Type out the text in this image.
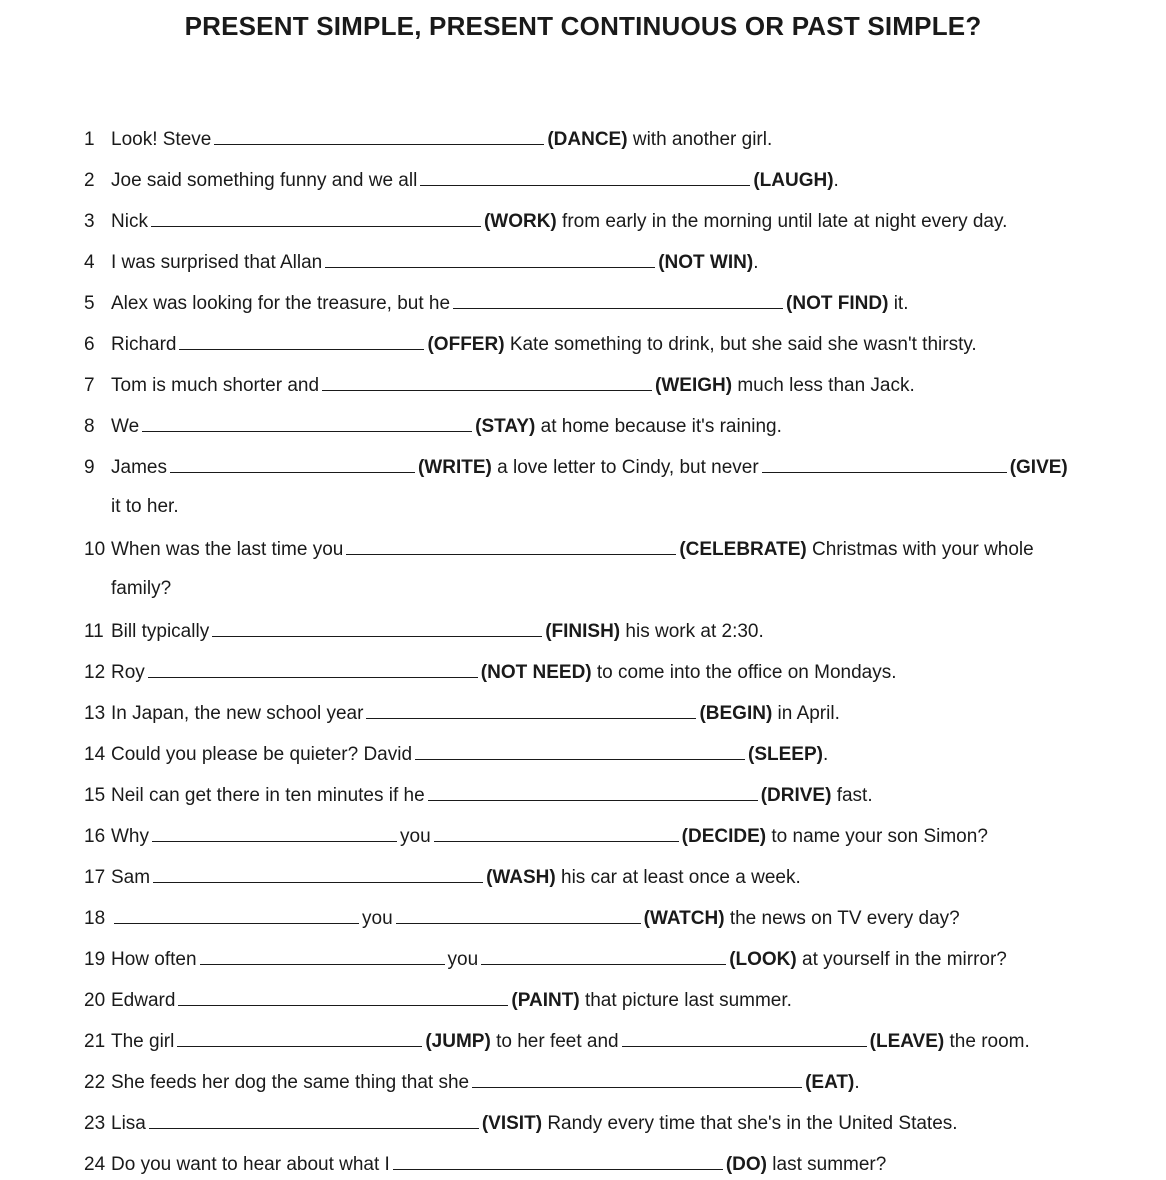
PRESENT SIMPLE, PRESENT CONTINUOUS OR PAST SIMPLE?
1 Look! Steve	(DANCE) with another girl.
2 Joe said something funny and we all	(LAUGH).
3 Nick	(WORK) from early in the morning until late at night every day.
4 I was surprised that Allan	(NOT WIN).
5 Alex was looking for the treasure, but he	(NOT FIND) it.
6 Richard	(OFFER) Kate something to drink, but she said she wasn't thirsty.
7 Tom is much shorter and	(WEIGH) much less than Jack.
8 We	(STAY) at home because it's raining.
9 James	(WRITE) a love letter to Cindy, but never	(GIVE)
it to her.
10 When was the last time you	(CELEBRATE) Christmas with your whole
family?
11 Bill typically	(FINISH) his work at 2:30.
12 Roy	(NOT NEED) to come into the office on Mondays.
13 In Japan, the new school year	(BEGIN) in April.
14 Could you please be quieter? David	(SLEEP).
15 Neil can get there in ten minutes if he	(DRIVE) fast.
16 Why	you	(DECIDE) to name your son Simon?
17 Sam	(WASH) his car at least once a week.
18	you	(WATCH) the news on TV every day?
19 How often	you	(LOOK) at yourself in the mirror?
20 Edward	(PAINT) that picture last summer.
21 The girl	(JUMP) to her feet and	(LEAVE) the room.
22 She feeds her dog the same thing that she	(EAT).
23 Lisa	(VISIT) Randy every time that she's in the United States.
24 Do you want to hear about what I	(DO) last summer?
